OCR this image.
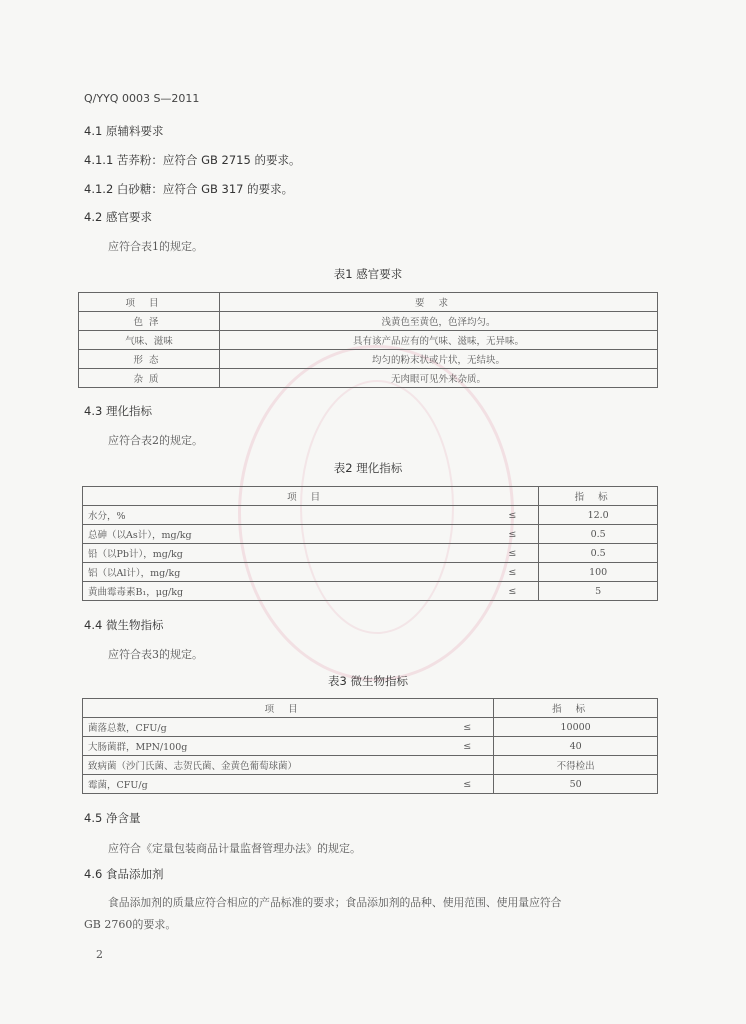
Q/YYQ 0003 S—2011
4.1 原辅料要求
4.1.1 苦荞粉：应符合 GB 2715 的要求。
4.1.2 白砂糖：应符合 GB 317 的要求。
4.2 感官要求
应符合表1的规定。
表1 感官要求
项目	要求
色泽	浅黄色至黄色，色泽均匀。
气味、滋味	具有该产品应有的气味、滋味，无异味。
形态	均匀的粉末状或片状，无结块。
杂质	无肉眼可见外来杂质。
4.3 理化指标
应符合表2的规定。
表2 理化指标
项目		指标
水分，%	≤	12.0
总砷（以As计），mg/kg	≤	0.5
铅（以Pb计），mg/kg	≤	0.5
铝（以Al计），mg/kg	≤	100
黄曲霉毒素B₁，μg/kg	≤	5
4.4 微生物指标
应符合表3的规定。
表3 微生物指标
项目		指标
菌落总数，CFU/g	≤	10000
大肠菌群，MPN/100g	≤	40
致病菌（沙门氏菌、志贺氏菌、金黄色葡萄球菌）		不得检出
霉菌，CFU/g	≤	50
4.5 净含量
应符合《定量包装商品计量监督管理办法》的规定。
4.6 食品添加剂
食品添加剂的质量应符合相应的产品标准的要求；食品添加剂的品种、使用范围、使用量应符合
GB 2760的要求。
2
